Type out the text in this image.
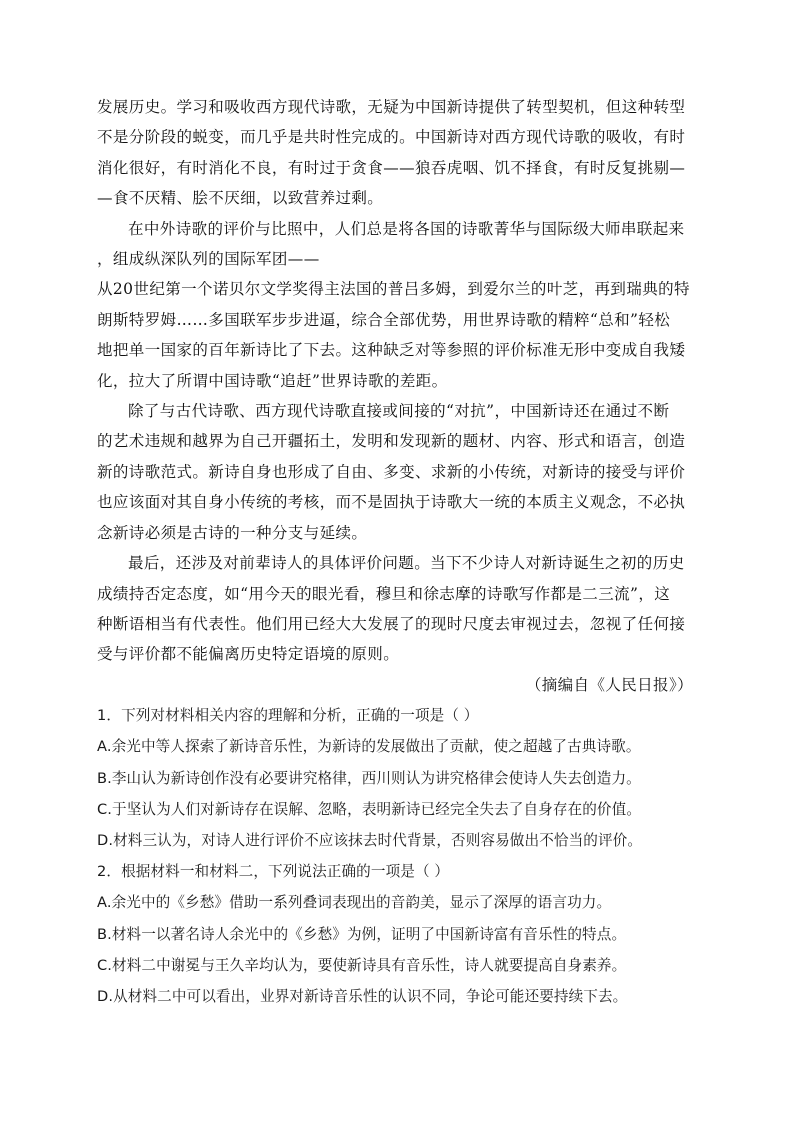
发展历史。学习和吸收西方现代诗歌，无疑为中国新诗提供了转型契机，但这种转型
不是分阶段的蜕变，而几乎是共时性完成的。中国新诗对西方现代诗歌的吸收，有时
消化很好，有时消化不良，有时过于贪食——狼吞虎咽、饥不择食，有时反复挑剔—
—食不厌精、脍不厌细，以致营养过剩。
在中外诗歌的评价与比照中，人们总是将各国的诗歌菁华与国际级大师串联起来
，组成纵深队列的国际军团——
从20世纪第一个诺贝尔文学奖得主法国的普吕多姆，到爱尔兰的叶芝，再到瑞典的特
朗斯特罗姆……多国联军步步进逼，综合全部优势，用世界诗歌的精粹“总和”轻松
地把单一国家的百年新诗比了下去。这种缺乏对等参照的评价标准无形中变成自我矮
化，拉大了所谓中国诗歌“追赶”世界诗歌的差距。
除了与古代诗歌、西方现代诗歌直接或间接的“对抗”，中国新诗还在通过不断
的艺术违规和越界为自己开疆拓土，发明和发现新的题材、内容、形式和语言，创造
新的诗歌范式。新诗自身也形成了自由、多变、求新的小传统，对新诗的接受与评价
也应该面对其自身小传统的考核，而不是固执于诗歌大一统的本质主义观念，不必执
念新诗必须是古诗的一种分支与延续。
最后，还涉及对前辈诗人的具体评价问题。当下不少诗人对新诗诞生之初的历史
成绩持否定态度，如“用今天的眼光看，穆旦和徐志摩的诗歌写作都是二三流”，这
种断语相当有代表性。他们用已经大大发展了的现时尺度去审视过去，忽视了任何接
受与评价都不能偏离历史特定语境的原则。

（摘编自《人民日报》）

1．下列对材料相关内容的理解和分析，正确的一项是（ ）
A.余光中等人探索了新诗音乐性，为新诗的发展做出了贡献，使之超越了古典诗歌。
B.李山认为新诗创作没有必要讲究格律，西川则认为讲究格律会使诗人失去创造力。
C.于坚认为人们对新诗存在误解、忽略，表明新诗已经完全失去了自身存在的价值。
D.材料三认为，对诗人进行评价不应该抹去时代背景，否则容易做出不恰当的评价。
2．根据材料一和材料二，下列说法正确的一项是（ ）
A.余光中的《乡愁》借助一系列叠词表现出的音韵美，显示了深厚的语言功力。
B.材料一以著名诗人余光中的《乡愁》为例，证明了中国新诗富有音乐性的特点。
C.材料二中谢冕与王久辛均认为，要使新诗具有音乐性，诗人就要提高自身素养。
D.从材料二中可以看出，业界对新诗音乐性的认识不同，争论可能还要持续下去。
